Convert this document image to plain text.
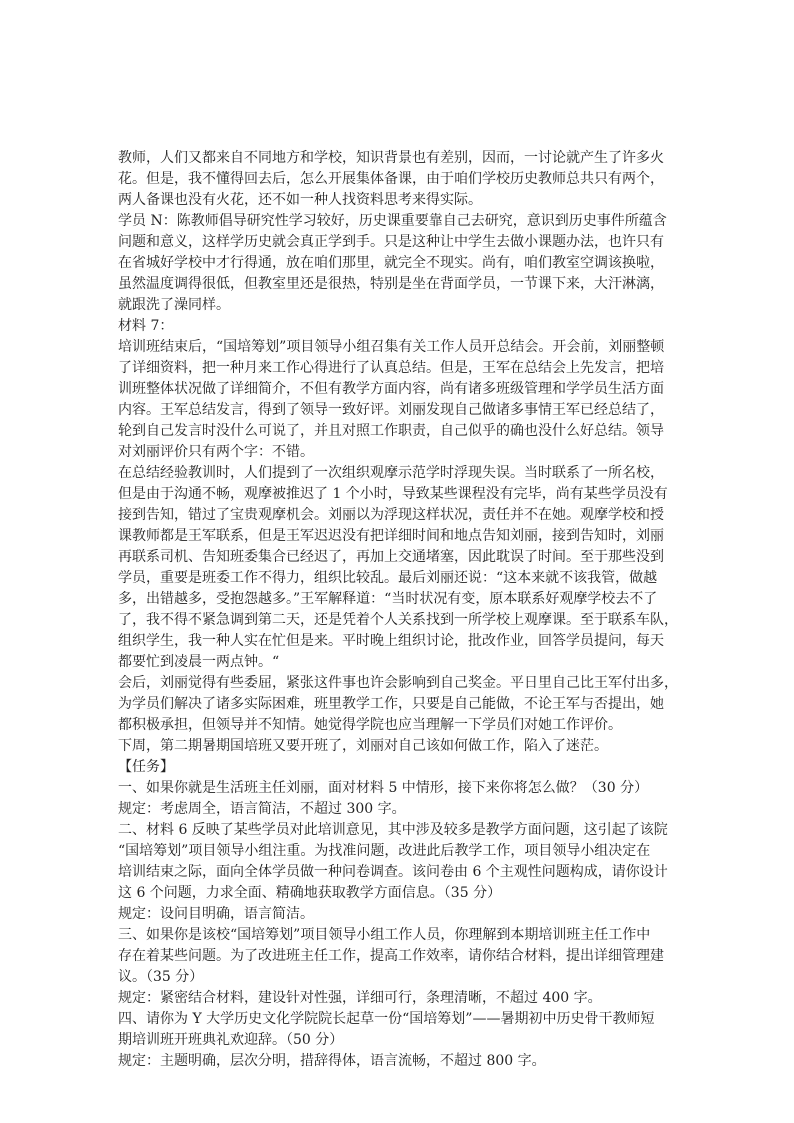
教师，人们又都来自不同地方和学校，知识背景也有差别，因而，一讨论就产生了许多火
花。但是，我不懂得回去后，怎么开展集体备课，由于咱们学校历史教师总共只有两个，
两人备课也没有火花，还不如一种人找资料思考来得实际。

学员 N：陈教师倡导研究性学习较好，历史课重要靠自己去研究，意识到历史事件所蕴含
问题和意义，这样学历史就会真正学到手。只是这种让中学生去做小课题办法，也许只有
在省城好学校中才行得通，放在咱们那里，就完全不现实。尚有，咱们教室空调该换啦，
虽然温度调得很低，但教室里还是很热，特别是坐在背面学员，一节课下来，大汗淋漓，
就跟洗了澡同样。

材料 7：

培训班结束后，“国培筹划”项目领导小组召集有关工作人员开总结会。开会前，刘丽整顿
了详细资料，把一种月来工作心得进行了认真总结。但是，王军在总结会上先发言，把培
训班整体状况做了详细简介，不但有教学方面内容，尚有诸多班级管理和学学员生活方面
内容。王军总结发言，得到了领导一致好评。刘丽发现自己做诸多事情王军已经总结了，
轮到自己发言时没什么可说了，并且对照工作职责，自己似乎的确也没什么好总结。领导
对刘丽评价只有两个字：不错。

在总结经验教训时，人们提到了一次组织观摩示范学时浮现失误。当时联系了一所名校，
但是由于沟通不畅，观摩被推迟了 1 个小时，导致某些课程没有完毕，尚有某些学员没有
接到告知，错过了宝贵观摩机会。刘丽以为浮现这样状况，责任并不在她。观摩学校和授
课教师都是王军联系，但是王军迟迟没有把详细时间和地点告知刘丽，接到告知时，刘丽
再联系司机、告知班委集合已经迟了，再加上交通堵塞，因此耽误了时间。至于那些没到
学员，重要是班委工作不得力，组织比较乱。最后刘丽还说：“这本来就不该我管，做越
多，出错越多，受抱怨越多。”王军解释道：“当时状况有变，原本联系好观摩学校去不了
了，我不得不紧急调到第二天，还是凭着个人关系找到一所学校上观摩课。至于联系车队，
组织学生，我一种人实在忙但是来。平时晚上组织讨论，批改作业，回答学员提问，每天
都要忙到凌晨一两点钟。“

会后，刘丽觉得有些委屈，紧张这件事也许会影响到自己奖金。平日里自己比王军付出多，
为学员们解决了诸多实际困难，班里教学工作，只要是自己能做，不论王军与否提出，她
都积极承担，但领导并不知情。她觉得学院也应当理解一下学员们对她工作评价。

下周，第二期暑期国培班又要开班了，刘丽对自己该如何做工作，陷入了迷茫。

【任务】

一、如果你就是生活班主任刘丽，面对材料 5 中情形，接下来你将怎么做？（30 分）

规定：考虑周全，语言简洁，不超过 300 字。

二、材料 6 反映了某些学员对此培训意见，其中涉及较多是教学方面问题，这引起了该院
“国培筹划”项目领导小组注重。为找准问题，改进此后教学工作，项目领导小组决定在
培训结束之际，面向全体学员做一种问卷调查。该问卷由 6 个主观性问题构成，请你设计
这 6 个问题，力求全面、精确地获取教学方面信息。（35 分）

规定：设问目明确，语言简洁。

三、如果你是该校“国培筹划”项目领导小组工作人员，你理解到本期培训班主任工作中
存在着某些问题。为了改进班主任工作，提高工作效率，请你结合材料，提出详细管理建
议。（35 分）

规定：紧密结合材料，建设针对性强，详细可行，条理清晰，不超过 400 字。

四、请你为 Y 大学历史文化学院院长起草一份“国培筹划”——暑期初中历史骨干教师短
期培训班开班典礼欢迎辞。（50 分）

规定：主题明确，层次分明，措辞得体，语言流畅，不超过 800 字。
